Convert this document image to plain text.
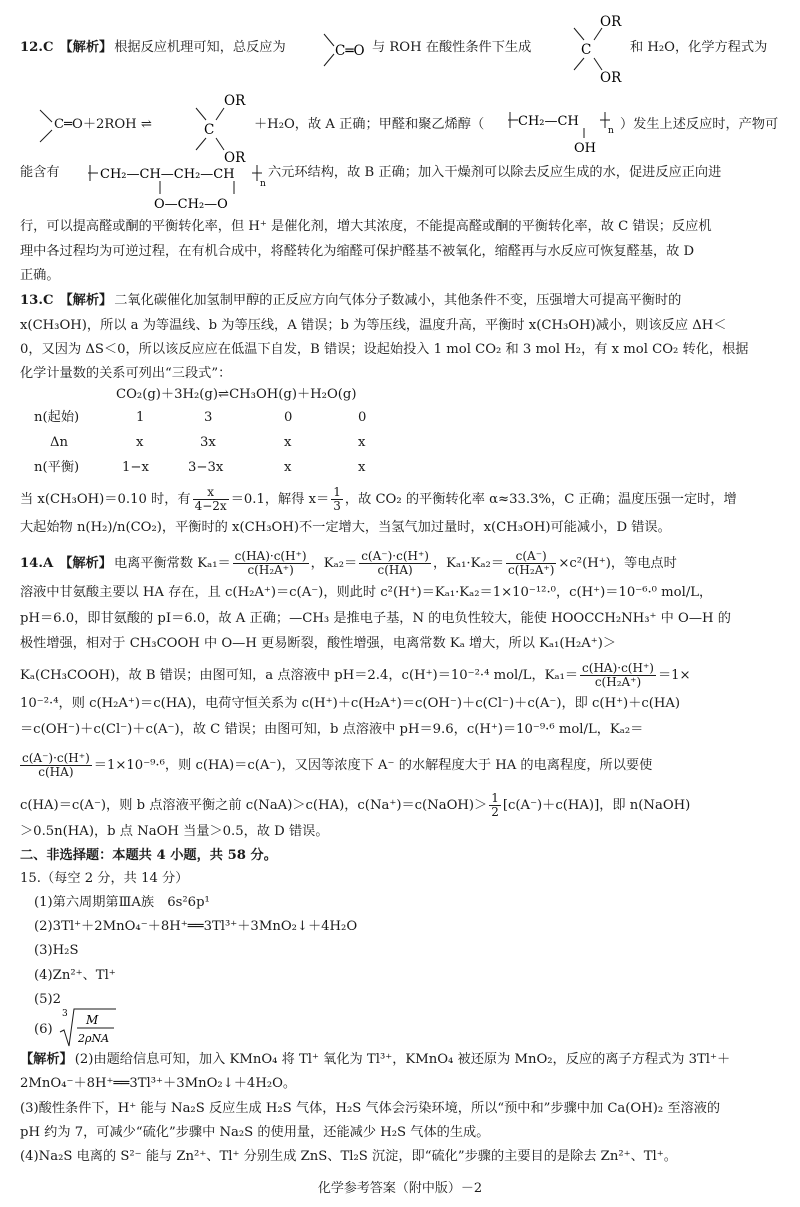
12.C 【解析】 根据反应机理可知，总反应为	C═O 与 ROH 在酸性条件下生成	C
OR
OR
和 H₂O，化学方程式为
C═O＋2ROH ⇌	C
OR
OR
＋H₂O，故 A 正确；甲醛和聚乙烯醇（	CH₂—CH
n
OH
）发生上述反应时，产物可
能含有	CH₂—CH—CH₂—CH
n
O—CH₂—O
六元环结构，故 B 正确；加入干燥剂可以除去反应生成的水，促进反应正向进
行，可以提高醛或酮的平衡转化率，但 H⁺ 是催化剂，增大其浓度，不能提高醛或酮的平衡转化率，故 C 错误；反应机
理中各过程均为可逆过程，在有机合成中，将醛转化为缩醛可保护醛基不被氧化，缩醛再与水反应可恢复醛基，故 D
正确。
13.C 【解析】 二氧化碳催化加氢制甲醇的正反应方向气体分子数减小，其他条件不变，压强增大可提高平衡时的
x(CH₃OH)，所以 a 为等温线、b 为等压线，A 错误；b 为等压线，温度升高，平衡时 x(CH₃OH)减小，则该反应 ΔH＜
0，又因为 ΔS＜0，所以该反应应在低温下自发，B 错误；设起始投入 1 mol CO₂ 和 3 mol H₂，有 x mol CO₂ 转化，根据
化学计量数的关系可列出“三段式”：
CO₂(g)＋3H₂(g)⇌CH₃OH(g)＋H₂O(g)
n(起始)	1	3	0	0
Δn	x	3x	x	x
n(平衡)	1−x	3−3x	x	x
当 x(CH₃OH)＝0.10 时，有 $\frac{x}{4-2x} =0.1$，解得 $x= \frac{1}{3}$ ，故 CO₂ 的平衡转化率 α≈33.3%，C 正确；温度压强一定时，增
大起始物 n(H₂)/n(CO₂)，平衡时的 x(CH₃OH)不一定增大，当氢气加过量时，x(CH₃OH)可能减小，D 错误。
14.A 【解析】 电离平衡常数 $K_{a1}= \frac{c(HA)\cdot c(H^+)}{\text{c(H₂A⁺)}}$ ，$K_{a2}= \frac{c(A^-)\cdot c(H^+)}{c(HA)}$ ，$K_{a1}\cdot K_{a2}= \frac{c(A^-)}{\text{c(H₂A⁺)}} \times c^2(H^+)$，等电点时
溶液中甘氨酸主要以 HA 存在，且 c(H₂A⁺)＝c(A⁻)，则此时 c²(H⁺)＝Kₐ₁·Kₐ₂＝1×10⁻¹²·⁰，c(H⁺)＝10⁻⁶·⁰ mol/L，
pH＝6.0，即甘氨酸的 pI＝6.0，故 A 正确；—CH₃ 是推电子基，N 的电负性较大，能使 HOOCCH₂NH₃⁺ 中 O—H 的
极性增强，相对于 CH₃COOH 中 O—H 更易断裂，酸性增强，电离常数 Kₐ 增大，所以 Kₐ₁(H₂A⁺)＞
Kₐ(CH₃COOH)，故 B 错误；由图可知，a 点溶液中 pH＝2.4，c(H⁺)＝10⁻²·⁴ mol/L，$K_{a1}= \frac{c(HA)\cdot c(H^+)}{\text{c(H₂A⁺)}} =1\times$
10⁻²·⁴，则 c(H₂A⁺)＝c(HA)，电荷守恒关系为 c(H⁺)＋c(H₂A⁺)＝c(OH⁻)＋c(Cl⁻)＋c(A⁻)，即 c(H⁺)＋c(HA)
＝c(OH⁻)＋c(Cl⁻)＋c(A⁻)，故 C 错误；由图可知，b 点溶液中 pH＝9.6，c(H⁺)＝10⁻⁹·⁶ mol/L，Kₐ₂＝
$\frac{c(A^-)\cdot c(H^+)}{c(HA)} =1\times 10^{-9}\cdot^6$，则 c(HA)＝c(A⁻)，又因等浓度下 A⁻ 的水解程度大于 HA 的电离程度，所以要使
c(HA)＝c(A⁻)，则 b 点溶液平衡之前 c(NaA)＞c(HA)，c(Na⁺)＝c(NaOH)＞ $\frac{1}{2} [c(A^-)+c(HA)]$，即 n(NaOH)
＞0.5n(HA)，b 点 NaOH 当量＞0.5，故 D 错误。
二、非选择题：本题共 4 小题，共 58 分。
15.（每空 2 分，共 14 分）
(1)第六周期第ⅢA族　6s²6p¹
(2)3Tl⁺＋2MnO₄⁻＋8H⁺══3Tl³⁺＋3MnO₂↓＋4H₂O
(3)H₂S
(4)Zn²⁺、Tl⁺
(5)2
(6)
3 M
2ρNA
【解析】 (2)由题给信息可知，加入 KMnO₄ 将 Tl⁺ 氧化为 Tl³⁺，KMnO₄ 被还原为 MnO₂，反应的离子方程式为 3Tl⁺＋
2MnO₄⁻＋8H⁺══3Tl³⁺＋3MnO₂↓＋4H₂O。
(3)酸性条件下，H⁺ 能与 Na₂S 反应生成 H₂S 气体，H₂S 气体会污染环境，所以“预中和”步骤中加 Ca(OH)₂ 至溶液的
pH 约为 7，可减少“硫化”步骤中 Na₂S 的使用量，还能减少 H₂S 气体的生成。
(4)Na₂S 电离的 S²⁻ 能与 Zn²⁺、Tl⁺ 分别生成 ZnS、Tl₂S 沉淀，即“硫化”步骤的主要目的是除去 Zn²⁺、Tl⁺。
化学参考答案（附中版）－2
